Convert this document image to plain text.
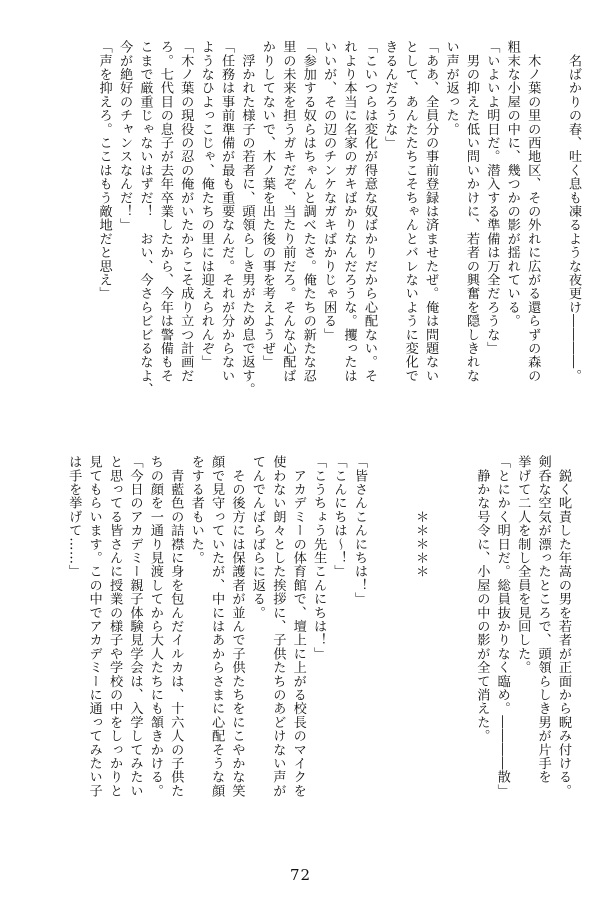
　名ばかりの春、吐く息も凍るような夜更け――――。

　木ノ葉の里の西地区、その外れに広がる還らずの森の
粗末な小屋の中に、幾つかの影が揺れている。
「いよいよ明日だ。潜入する準備は万全だろうな」
　男の抑えた低い問いかけに、若者の興奮を隠しきれな
い声が返った。
「ああ、全員分の事前登録は済ませたぜ。俺は問題ない
として、あんたたちこそちゃんとバレないように変化で
きるんだろうな」
「こいつらは変化が得意な奴ばかりだから心配ない。そ
れより本当に名家のガキばかりなんだろうな。攫ったは
いいが、その辺のチンケなガキばかりじゃ困る」
「参加する奴らはちゃんと調べたさ。俺たちの新たな忍
里の未来を担うガキだぞ、当たり前だろ。そんな心配ば
かりしてないで、木ノ葉を出た後の事を考えようぜ」
　浮かれた様子の若者に、頭領らしき男がため息で返す。
「任務は事前準備が最も重要なんだ。それが分からない
ようなひよっこじゃ、俺たちの里には迎えられんぞ」
「木ノ葉の現役の忍の俺がいたからこそ成り立つ計画だ
ろ。七代目の息子が去年卒業したから、今年は警備もそ
こまで厳重じゃないはずだ！　おい、今さらビビるなよ、
今が絶好のチャンスなんだ！」
「声を抑えろ。ここはもう敵地だと思え」
　鋭く叱責した年嵩の男を若者が正面から睨み付ける。
剣呑な空気が漂ったところで、頭領らしき男が片手を
挙げて二人を制し全員を見回した。
「とにかく明日だ。総員抜かりなく臨め。――――散」
　静かな号令に、小屋の中の影が全て消えた。

　　　　＊＊＊＊＊

「皆さんこんにちは！」
「こんにちは～！」
「こうちょう先生こんにちは！」
　アカデミーの体育館で、壇上に上がる校長のマイクを
使わない朗々とした挨拶に、子供たちのあどけない声が
てんでんばらばらに返る。
　その後方には保護者が並んで子供たちをにこやかな笑
顔で見守っていたが、中にはあからさまに心配そうな顔
をする者もいた。
　青藍色の詰襟に身を包んだイルカは、十六人の子供た
ちの顔を一通り見渡してから大人たちにも頷きかける。
「今日のアカデミー親子体験見学会は、入学してみたい
と思ってる皆さんに授業の様子や学校の中をしっかりと
見てもらいます。この中でアカデミーに通ってみたい子
は手を挙げて……」
72
